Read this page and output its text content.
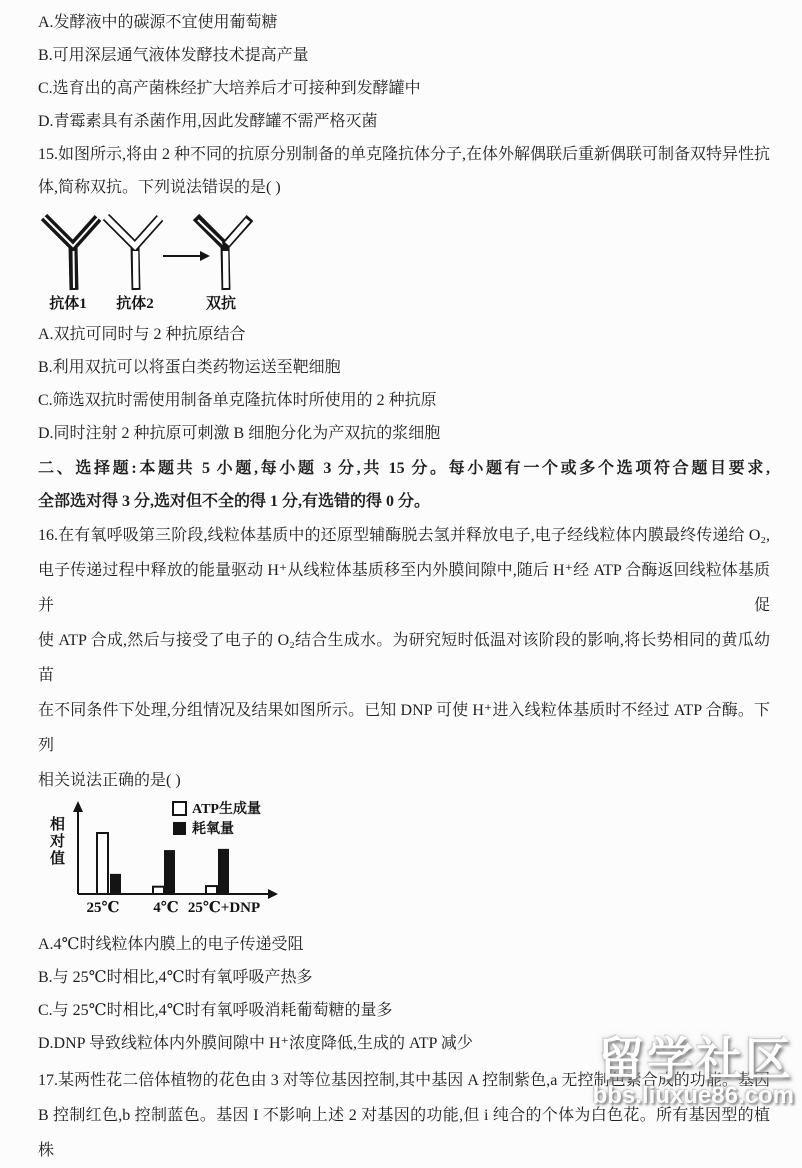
A.发酵液中的碳源不宜使用葡萄糖
B.可用深层通气液体发酵技术提高产量
C.选育出的高产菌株经扩大培养后才可接种到发酵罐中
D.青霉素具有杀菌作用,因此发酵罐不需严格灭菌
15.如图所示,将由 2 种不同的抗原分别制备的单克隆抗体分子,在体外解偶联后重新偶联可制备双特异性抗
体,简称双抗。下列说法错误的是( )
抗体1 抗体2	双抗
A.双抗可同时与 2 种抗原结合
B.利用双抗可以将蛋白类药物运送至靶细胞
C.筛选双抗时需使用制备单克隆抗体时所使用的 2 种抗原
D.同时注射 2 种抗原可刺激 B 细胞分化为产双抗的浆细胞
二、选择题:本题共 5 小题,每小题 3 分,共 15 分。每小题有一个或多个选项符合题目要求,
全部选对得 3 分,选对但不全的得 1 分,有选错的得 0 分。
16.在有氧呼吸第三阶段,线粒体基质中的还原型辅酶脱去氢并释放电子,电子经线粒体内膜最终传递给 O₂,
电子传递过程中释放的能量驱动 H⁺从线粒体基质移至内外膜间隙中,随后 H⁺经 ATP 合酶返回线粒体基质并促
使 ATP 合成,然后与接受了电子的 O₂结合生成水。为研究短时低温对该阶段的影响,将长势相同的黄瓜幼苗
在不同条件下处理,分组情况及结果如图所示。已知 DNP 可使 H⁺进入线粒体基质时不经过 ATP 合酶。下列
相关说法正确的是( )
ATP生成量
耗氧量
25℃ 4℃ 25℃+DNP
相对值
A.4℃时线粒体内膜上的电子传递受阻
B.与 25℃时相比,4℃时有氧呼吸产热多
C.与 25℃时相比,4℃时有氧呼吸消耗葡萄糖的量多
D.DNP 导致线粒体内外膜间隙中 H⁺浓度降低,生成的 ATP 减少
17.某两性花二倍体植物的花色由 3 对等位基因控制,其中基因 A 控制紫色,a 无控制色素合成的功能。基因
B 控制红色,b 控制蓝色。基因 I 不影响上述 2 对基因的功能,但 i 纯合的个体为白色花。所有基因型的植株
留学社区
bbs.liuxue86.com
